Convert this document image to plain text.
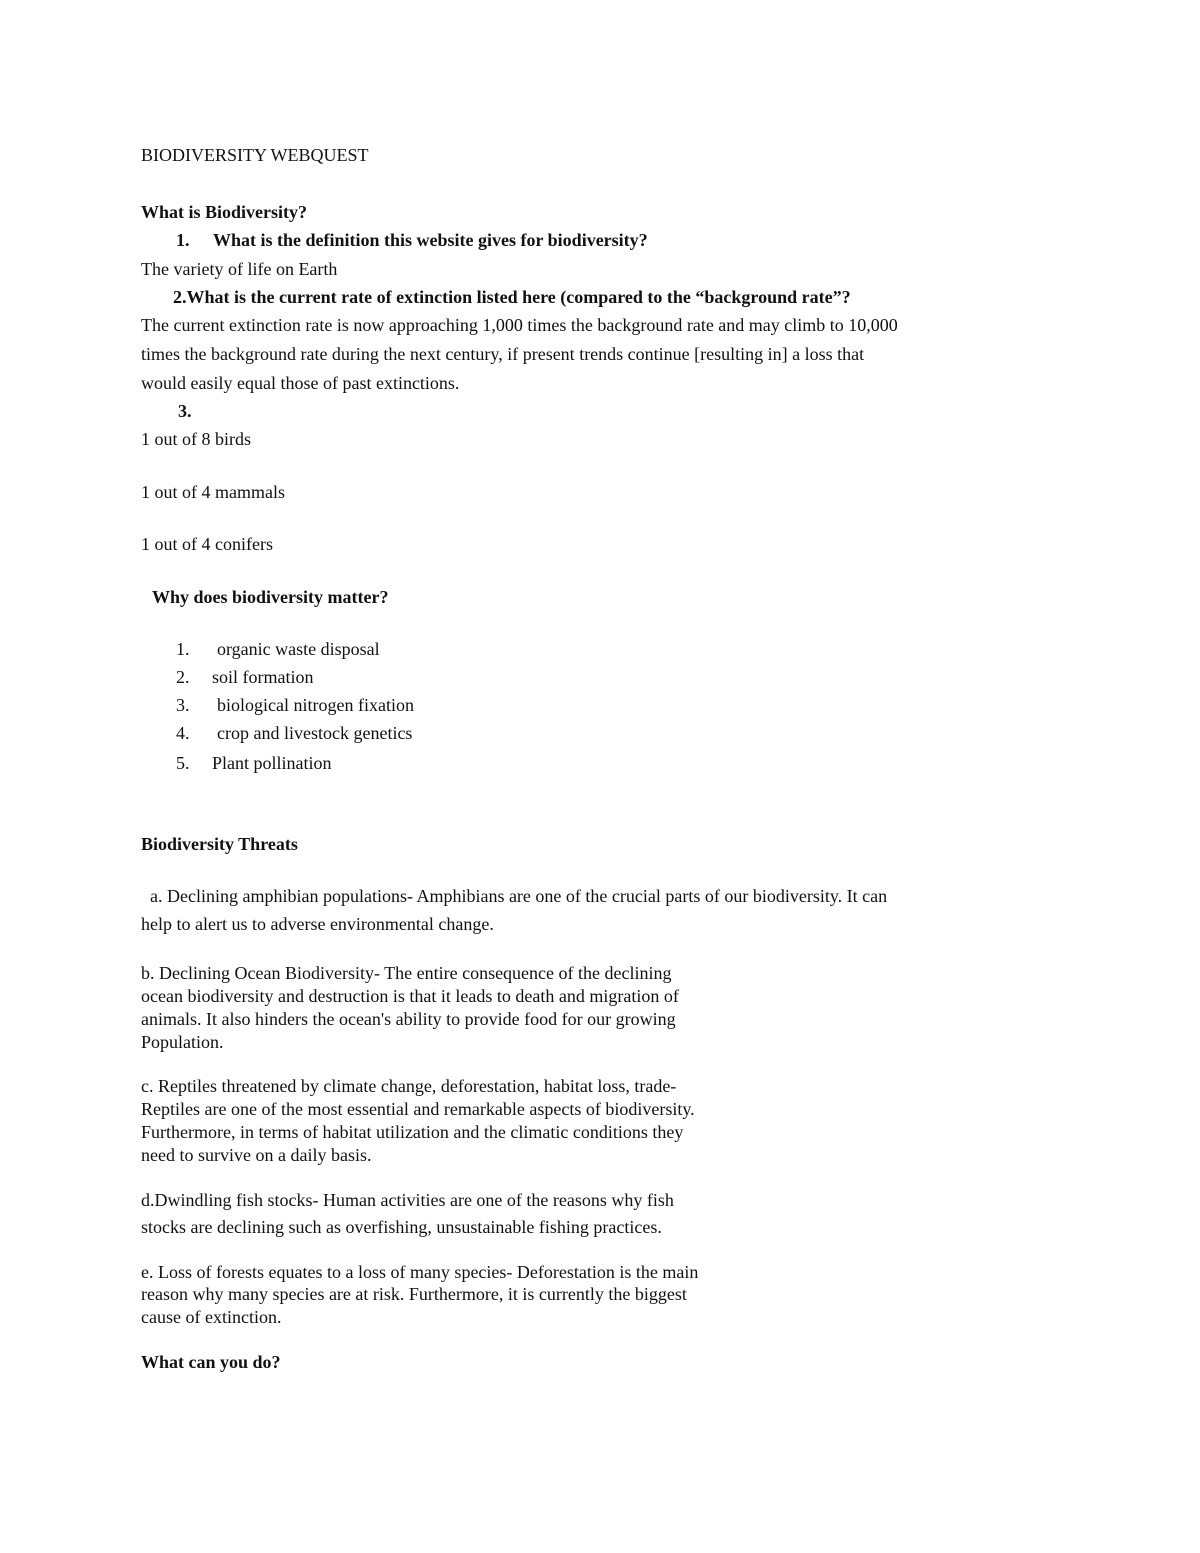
BIODIVERSITY WEBQUEST
What is Biodiversity?
1. What is the definition this website gives for biodiversity?
The variety of life on Earth
2.What is the current rate of extinction listed here (compared to the “background rate”?
The current extinction rate is now approaching 1,000 times the background rate and may climb to 10,000
times the background rate during the next century, if present trends continue [resulting in] a loss that
would easily equal those of past extinctions.
3.
1 out of 8 birds
1 out of 4 mammals
1 out of 4 conifers
Why does biodiversity matter?
1. organic waste disposal
2. soil formation
3. biological nitrogen fixation
4. crop and livestock genetics
5. Plant pollination
Biodiversity Threats
a. Declining amphibian populations- Amphibians are one of the crucial parts of our biodiversity. It can
help to alert us to adverse environmental change.
b. Declining Ocean Biodiversity- The entire consequence of the declining
ocean biodiversity and destruction is that it leads to death and migration of
animals. It also hinders the ocean's ability to provide food for our growing
Population.
c. Reptiles threatened by climate change, deforestation, habitat loss, trade-
Reptiles are one of the most essential and remarkable aspects of biodiversity.
Furthermore, in terms of habitat utilization and the climatic conditions they
need to survive on a daily basis.
d.Dwindling fish stocks- Human activities are one of the reasons why fish
stocks are declining such as overfishing, unsustainable fishing practices.
e. Loss of forests equates to a loss of many species- Deforestation is the main
reason why many species are at risk. Furthermore, it is currently the biggest
cause of extinction.
What can you do?
